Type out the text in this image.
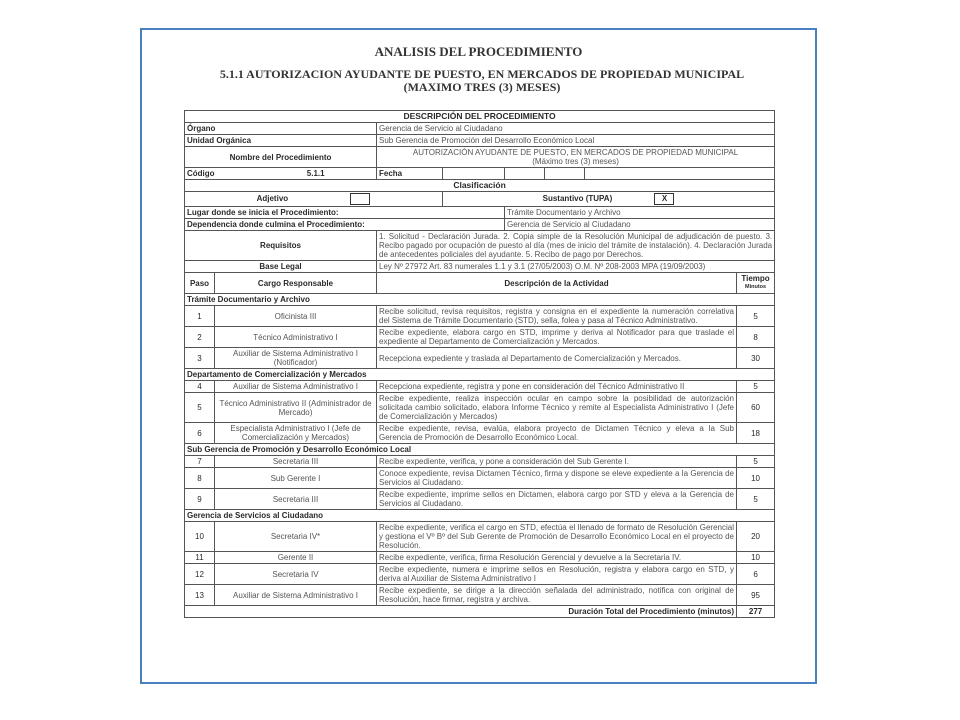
ANALISIS DEL PROCEDIMIENTO
5.1.1 AUTORIZACION AYUDANTE DE PUESTO, EN MERCADOS DE PROPIEDAD MUNICIPAL
(MAXIMO TRES (3) MESES)
DESCRIPCIÓN DEL PROCEDIMIENTO							
Órgano		Gerencia de Servicio al Ciudadano					
Unidad Orgánica		Sub Gerencia de Promoción del Desarrollo Económico Local					
Nombre del Procedimiento		AUTORIZACIÓN AYUDANTE DE PUESTO, EN MERCADOS DE PROPIEDAD MUNICIPAL
(Máximo tres (3) meses)					

Código 5.1.1		Fecha					
Clasificación							
Adjetivo			Sustantivo (TUPA) X				
Lugar donde se inicia el Procedimiento:				Trámite Documentario y Archivo			
Dependencia donde culmina el Procedimiento:				Gerencia de Servicio al Ciudadano			
Requisitos		1. Solicitud - Declaración Jurada. 2. Copia simple de la Resolución Municipal de adjudicación de puesto. 3. Recibo pagado por ocupación de puesto al día (mes de inicio del trámite de instalación). 4. Declaración Jurada de antecedentes policiales del ayudante. 5. Recibo de pago por Derechos.					
Base Legal		Ley Nº 27972 Art. 83 numerales 1.1 y 3.1 (27/05/2003) O.M. Nº 208-2003 MPA (19/09/2003)					
Paso	Cargo Responsable	Descripción de la Actividad					Tiempo
Minutos

Trámite Documentario y Archivo							
1	Oficinista III	Recibe solicitud, revisa requisitos, registra y consigna en el expediente la numeración correlativa del Sistema de Trámite Documentario (STD), sella, folea y pasa al Técnico Administrativo.					5
2	Técnico Administrativo I	Recibe expediente, elabora cargo en STD, imprime y deriva al Notificador para que traslade el expediente al Departamento de Comercialización y Mercados.					8
3	Auxiliar de Sistema Administrativo I (Notificador)	Recepciona expediente y traslada al Departamento de Comercialización y Mercados.					30
Departamento de Comercialización y Mercados							
4	Auxiliar de Sistema Administrativo I	Recepciona expediente, registra y pone en consideración del Técnico Administrativo II					5
5	Técnico Administrativo II (Administrador de Mercado)	Recibe expediente, realiza inspección ocular en campo sobre la posibilidad de autorización solicitada cambio solicitado, elabora Informe Técnico y remite al Especialista Administrativo I (Jefe de Comercialización y Mercados)					60
6	Especialista Administrativo I (Jefe de Comercialización y Mercados)	Recibe expediente, revisa, evalúa, elabora proyecto de Dictamen Técnico y eleva a la Sub Gerencia de Promoción de Desarrollo Económico Local.					18
Sub Gerencia de Promoción y Desarrollo Económico Local							
7	Secretaria III	Recibe expediente, verifica, y pone a consideración del Sub Gerente I.					5
8	Sub Gerente I	Conoce expediente, revisa Dictamen Técnico, firma y dispone se eleve expediente a la Gerencia de Servicios al Ciudadano.					10
9	Secretaria III	Recibe expediente, imprime sellos en Dictamen, elabora cargo por STD y eleva a la Gerencia de Servicios al Ciudadano.					5
Gerencia de Servicios al Ciudadano							
10	Secretaria IV*	Recibe expediente, verifica el cargo en STD, efectúa el llenado de formato de Resolución Gerencial y gestiona el Vº Bº del Sub Gerente de Promoción de Desarrollo Económico Local en el proyecto de Resolución.					20
11	Gerente II	Recibe expediente, verifica, firma Resolución Gerencial y devuelve a la Secretaria IV.					10
12	Secretaria IV	Recibe expediente, numera e imprime sellos en Resolución, registra y elabora cargo en STD, y deriva al Auxiliar de Sistema Administrativo I					6
13	Auxiliar de Sistema Administrativo I	Recibe expediente, se dirige a la dirección señalada del administrado, notifica con original de Resolución, hace firmar, registra y archiva.					95
Duración Total del Procedimiento (minutos)							277
